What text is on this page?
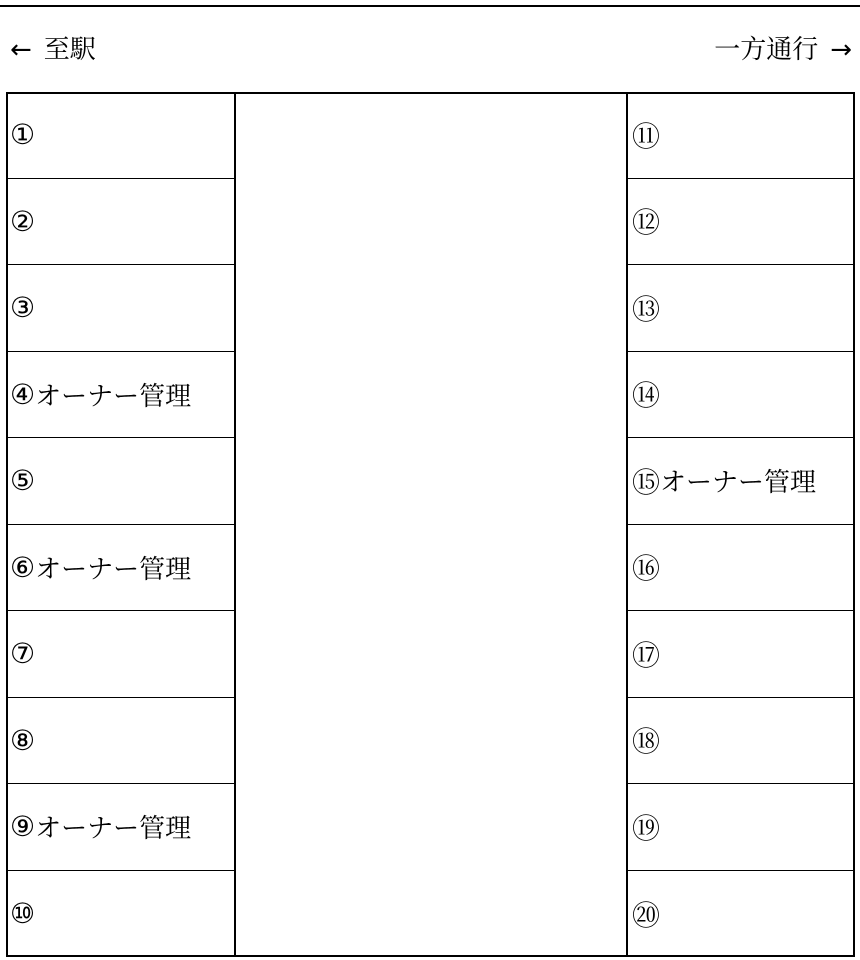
← 至駅	一方通行 →
①
②
③
④ オーナー管理
⑤
⑥ オーナー管理
⑦
⑧
⑨ オーナー管理
⑩
⑪
⑫
⑬
⑭
⑮ オーナー管理
⑯
⑰
⑱
⑲
⑳
